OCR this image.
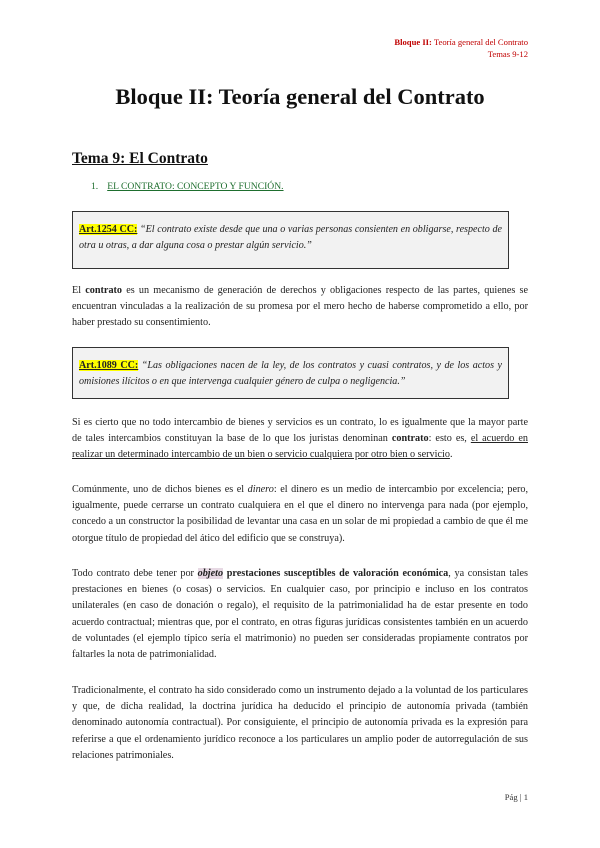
Bloque II: Teoría general del Contrato
Temas 9-12
Bloque II: Teoría general del Contrato
Tema 9: El Contrato
1. EL CONTRATO: CONCEPTO Y FUNCIÓN.
Art.1254 CC: “El contrato existe desde que una o varias personas consienten en obligarse, respecto de otra u otras, a dar alguna cosa o prestar algún servicio.”

El contrato es un mecanismo de generación de derechos y obligaciones respecto de las partes, quienes se encuentran vinculadas a la realización de su promesa por el mero hecho de haberse comprometido a ello, por haber prestado su consentimiento.

Art.1089 CC: “Las obligaciones nacen de la ley, de los contratos y cuasi contratos, y de los actos y omisiones ilícitos o en que intervenga cualquier género de culpa o negligencia.”

Si es cierto que no todo intercambio de bienes y servicios es un contrato, lo es igualmente que la mayor parte de tales intercambios constituyan la base de lo que los juristas denominan contrato: esto es, el acuerdo en realizar un determinado intercambio de un bien o servicio cualquiera por otro bien o servicio.

Comúnmente, uno de dichos bienes es el dinero: el dinero es un medio de intercambio por excelencia; pero, igualmente, puede cerrarse un contrato cualquiera en el que el dinero no intervenga para nada (por ejemplo, concedo a un constructor la posibilidad de levantar una casa en un solar de mi propiedad a cambio de que él me otorgue título de propiedad del ático del edificio que se construya).

Todo contrato debe tener por objeto prestaciones susceptibles de valoración económica, ya consistan tales prestaciones en bienes (o cosas) o servicios. En cualquier caso, por principio e incluso en los contratos unilaterales (en caso de donación o regalo), el requisito de la patrimonialidad ha de estar presente en todo acuerdo contractual; mientras que, por el contrato, en otras figuras jurídicas consistentes también en un acuerdo de voluntades (el ejemplo típico sería el matrimonio) no pueden ser consideradas propiamente contratos por faltarles la nota de patrimonialidad.

Tradicionalmente, el contrato ha sido considerado como un instrumento dejado a la voluntad de los particulares y que, de dicha realidad, la doctrina jurídica ha deducido el principio de autonomía privada (también denominado autonomía contractual). Por consiguiente, el principio de autonomía privada es la expresión para referirse a que el ordenamiento jurídico reconoce a los particulares un amplio poder de autorregulación de sus relaciones patrimoniales.

Pág | 1
